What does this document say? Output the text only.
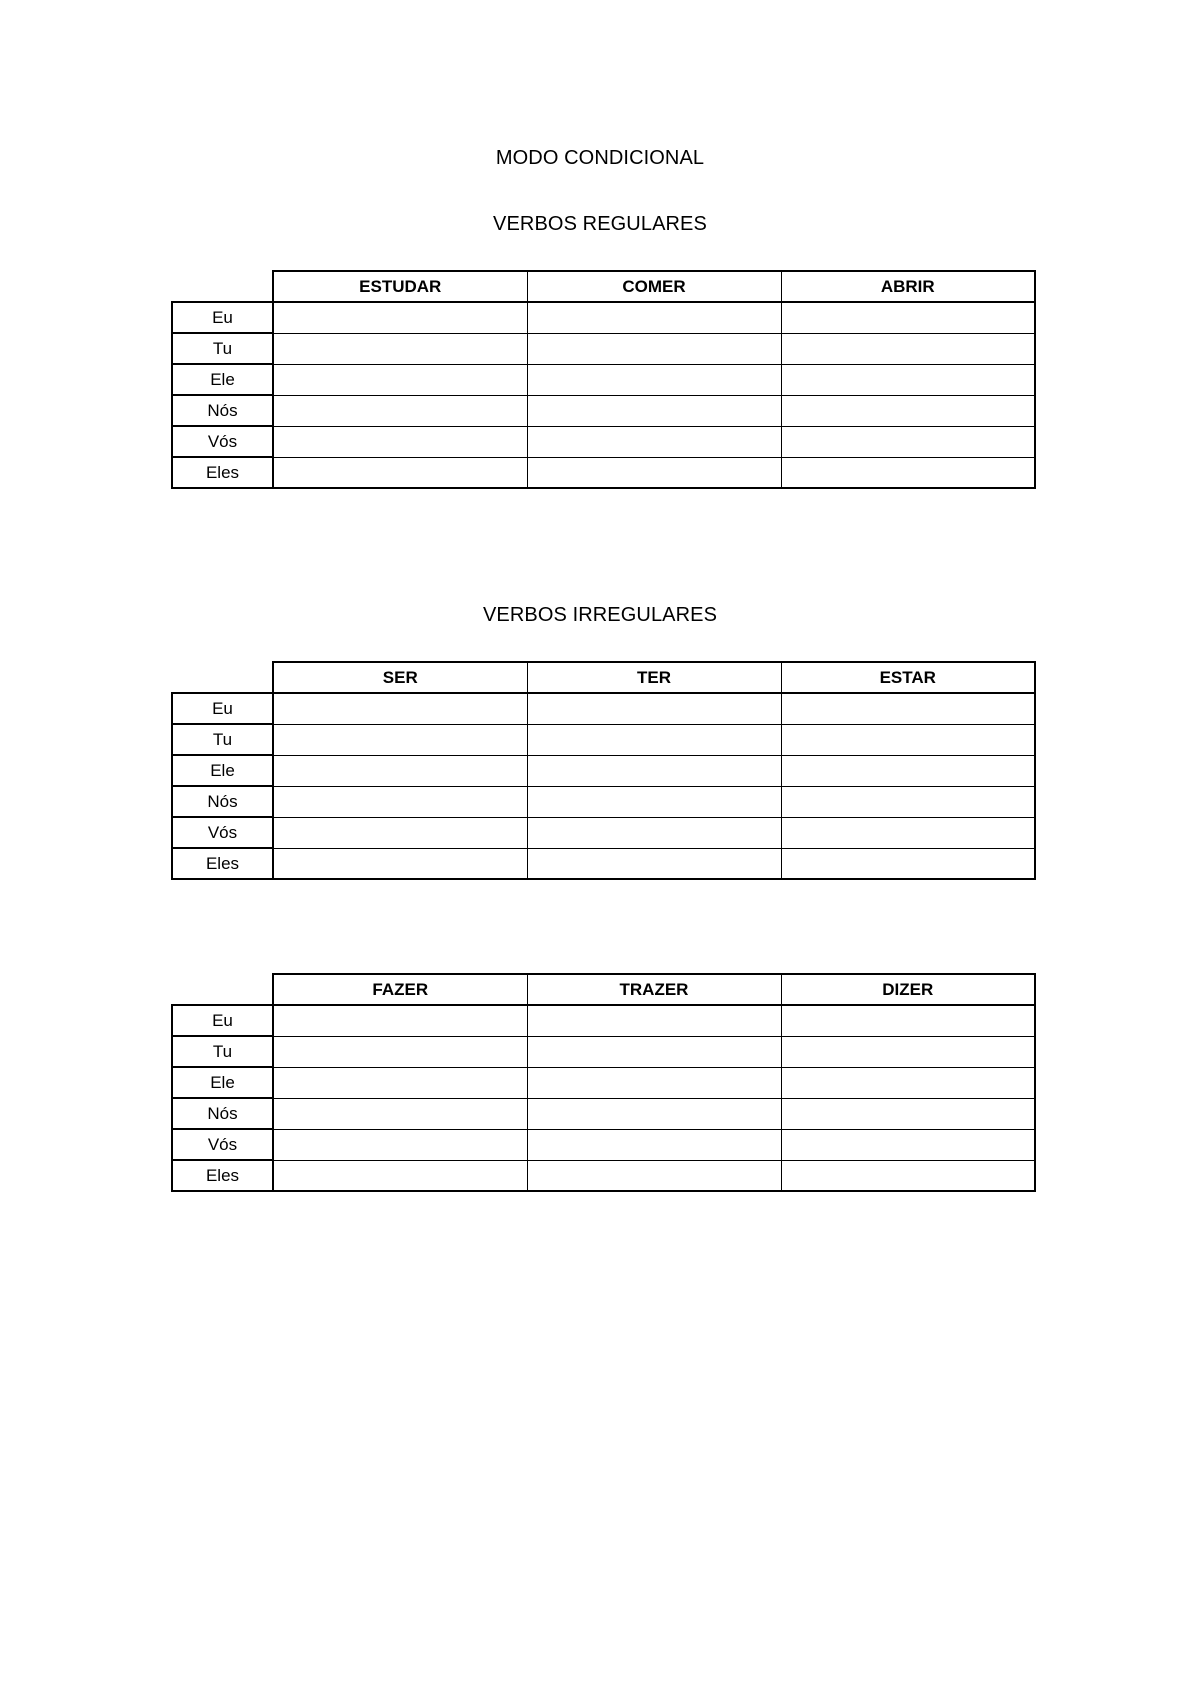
MODO CONDICIONAL
VERBOS REGULARES
	ESTUDAR	COMER	ABRIR
Eu			
Tu			
Ele			
Nós			
Vós			
Eles			
VERBOS IRREGULARES
	SER	TER	ESTAR
Eu			
Tu			
Ele			
Nós			
Vós			
Eles			
	FAZER	TRAZER	DIZER
Eu			
Tu			
Ele			
Nós			
Vós			
Eles			
